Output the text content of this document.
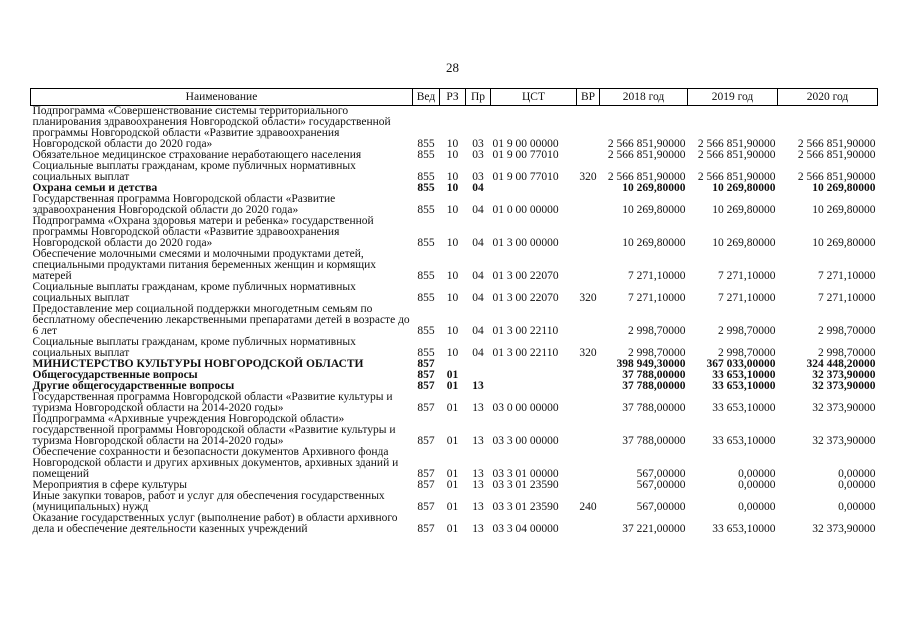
28
Наименование	Вед	РЗ	Пр	ЦСТ	ВР	2018 год	2019 год	2020 год
Подпрограмма «Совершенствование системы территориального планирования здравоохранения Новгородской области» государственной программы Новгородской области «Развитие здравоохранения Новгородской области до 2020 года»	855	10	03	01 9 00 00000		2 566 851,90000	2 566 851,90000	2 566 851,90000
Обязательное медицинское страхование неработающего населения	855	10	03	01 9 00 77010		2 566 851,90000	2 566 851,90000	2 566 851,90000
Социальные выплаты гражданам, кроме публичных нормативных социальных выплат	855	10	03	01 9 00 77010	320	2 566 851,90000	2 566 851,90000	2 566 851,90000
Охрана семьи и детства	855	10	04			10 269,80000	10 269,80000	10 269,80000
Государственная программа Новгородской области «Развитие здравоохранения Новгородской области до 2020 года»	855	10	04	01 0 00 00000		10 269,80000	10 269,80000	10 269,80000
Подпрограмма «Охрана здоровья матери и ребенка» государственной программы Новгородской области «Развитие здравоохранения Новгородской области до 2020 года»	855	10	04	01 3 00 00000		10 269,80000	10 269,80000	10 269,80000
Обеспечение молочными смесями и молочными продуктами детей, специальными продуктами питания беременных женщин и кормящих матерей	855	10	04	01 3 00 22070		7 271,10000	7 271,10000	7 271,10000
Социальные выплаты гражданам, кроме публичных нормативных социальных выплат	855	10	04	01 3 00 22070	320	7 271,10000	7 271,10000	7 271,10000
Предоставление мер социальной поддержки многодетным семьям по бесплатному обеспечению лекарственными препаратами детей в возрасте до 6 лет	855	10	04	01 3 00 22110		2 998,70000	2 998,70000	2 998,70000
Социальные выплаты гражданам, кроме публичных нормативных социальных выплат	855	10	04	01 3 00 22110	320	2 998,70000	2 998,70000	2 998,70000
МИНИСТЕРСТВО КУЛЬТУРЫ НОВГОРОДСКОЙ ОБЛАСТИ	857					398 949,30000	367 033,00000	324 448,20000
Общегосударственные вопросы	857	01				37 788,00000	33 653,10000	32 373,90000
Другие общегосударственные вопросы	857	01	13			37 788,00000	33 653,10000	32 373,90000
Государственная программа Новгородской области «Развитие культуры и туризма Новгородской области на 2014-2020 годы»	857	01	13	03 0 00 00000		37 788,00000	33 653,10000	32 373,90000
Подпрограмма «Архивные учреждения Новгородской области» государственной программы Новгородской области «Развитие культуры и туризма Новгородской области на 2014-2020 годы»	857	01	13	03 3 00 00000		37 788,00000	33 653,10000	32 373,90000
Обеспечение сохранности и безопасности документов Архивного фонда Новгородской области и других архивных документов, архивных зданий и помещений	857	01	13	03 3 01 00000		567,00000	0,00000	0,00000
Мероприятия в сфере культуры	857	01	13	03 3 01 23590		567,00000	0,00000	0,00000
Иные закупки товаров, работ и услуг для обеспечения государственных (муниципальных) нужд	857	01	13	03 3 01 23590	240	567,00000	0,00000	0,00000
Оказание государственных услуг (выполнение работ) в области архивного дела и обеспечение деятельности казенных учреждений	857	01	13	03 3 04 00000		37 221,00000	33 653,10000	32 373,90000
